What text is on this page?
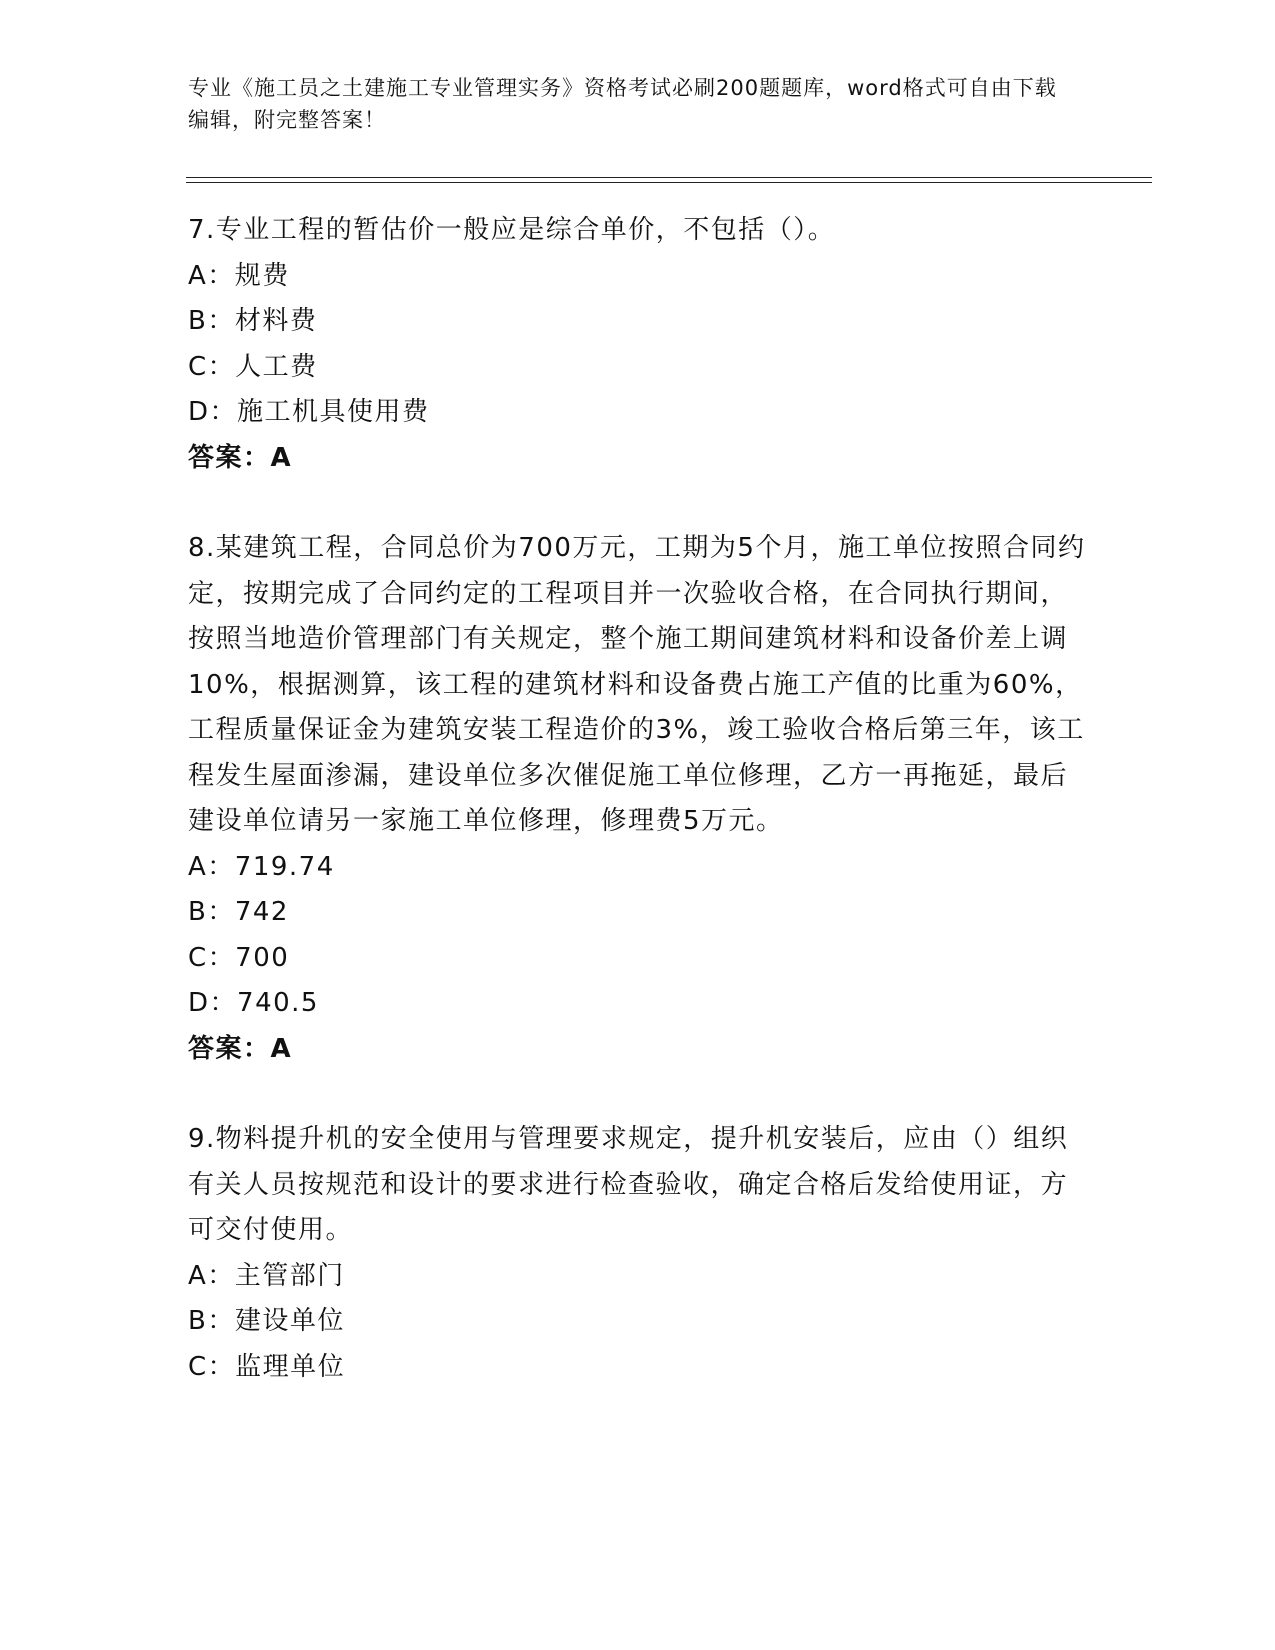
专业《施工员之土建施工专业管理实务》资格考试必刷200题题库，word格式可自由下载编辑，附完整答案！

7.专业工程的暂估价一般应是综合单价，不包括（）。

A：规费

B：材料费

C：人工费

D：施工机具使用费

答案：A

8.某建筑工程，合同总价为700万元，工期为5个月，施工单位按照合同约定，按期完成了合同约定的工程项目并一次验收合格，在合同执行期间，按照当地造价管理部门有关规定，整个施工期间建筑材料和设备价差上调10%，根据测算，该工程的建筑材料和设备费占施工产值的比重为60%，工程质量保证金为建筑安装工程造价的3%，竣工验收合格后第三年，该工程发生屋面渗漏，建设单位多次催促施工单位修理，乙方一再拖延，最后建设单位请另一家施工单位修理，修理费5万元。

A：719.74

B：742

C：700

D：740.5

答案：A

9.物料提升机的安全使用与管理要求规定，提升机安装后，应由（）组织有关人员按规范和设计的要求进行检查验收，确定合格后发给使用证，方可交付使用。

A：主管部门

B：建设单位

C：监理单位
